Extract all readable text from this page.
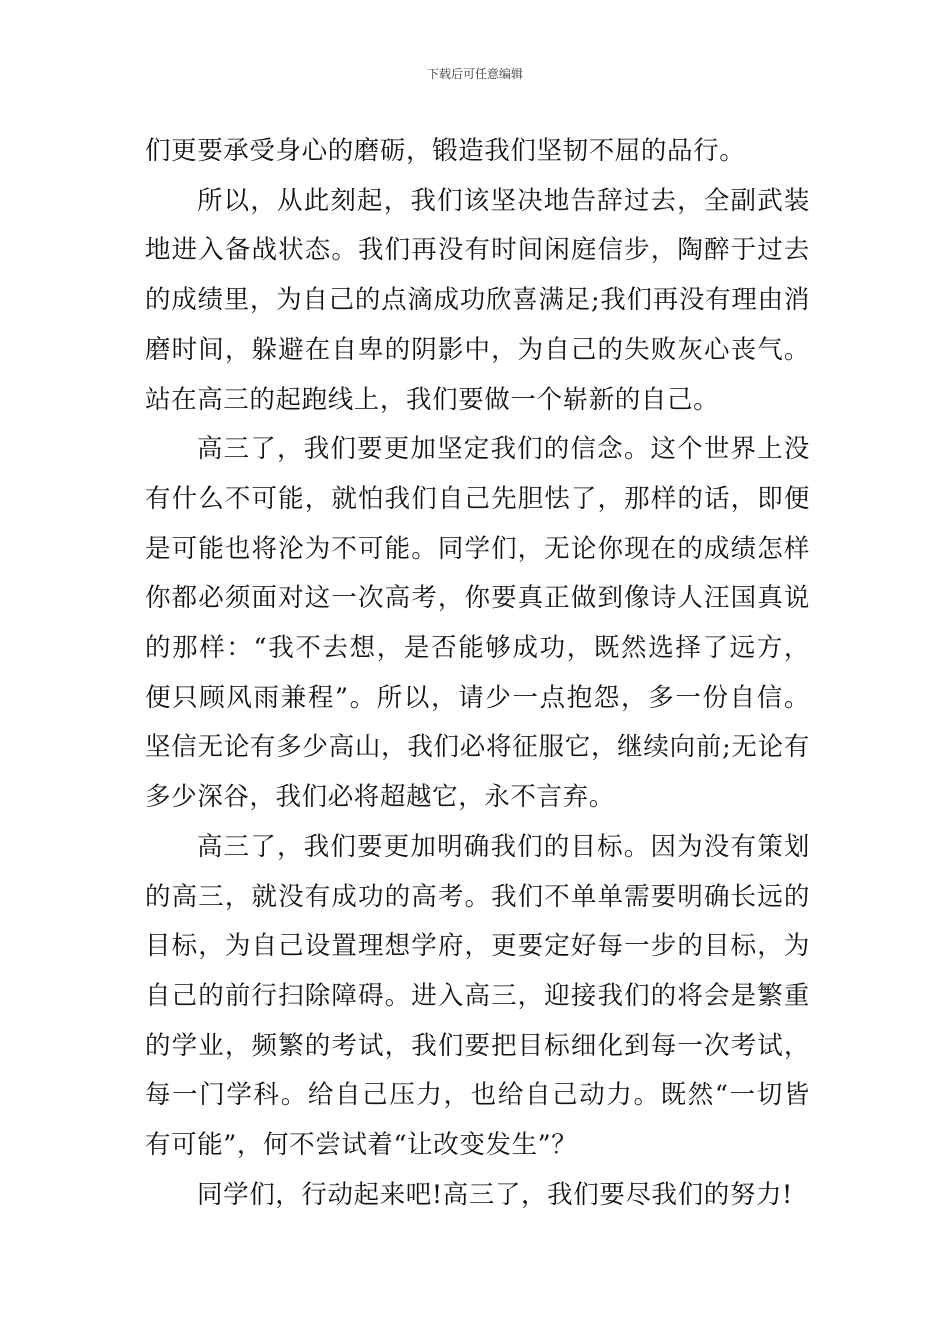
下载后可任意编辑

们更要承受身心的磨砺，锻造我们坚韧不屈的品行。

所以，从此刻起，我们该坚决地告辞过去，全副武装地进入备战状态。我们再没有时间闲庭信步，陶醉于过去的成绩里，为自己的点滴成功欣喜满足;我们再没有理由消磨时间，躲避在自卑的阴影中，为自己的失败灰心丧气。站在高三的起跑线上，我们要做一个崭新的自己。

高三了，我们要更加坚定我们的信念。这个世界上没有什么不可能，就怕我们自己先胆怯了，那样的话，即便是可能也将沦为不可能。同学们，无论你现在的成绩怎样你都必须面对这一次高考，你要真正做到像诗人汪国真说的那样：“我不去想，是否能够成功，既然选择了远方，便只顾风雨兼程”。所以，请少一点抱怨，多一份自信。坚信无论有多少高山，我们必将征服它，继续向前;无论有多少深谷，我们必将超越它，永不言弃。

高三了，我们要更加明确我们的目标。因为没有策划的高三，就没有成功的高考。我们不单单需要明确长远的目标，为自己设置理想学府，更要定好每一步的目标，为自己的前行扫除障碍。进入高三，迎接我们的将会是繁重的学业，频繁的考试，我们要把目标细化到每一次考试，每一门学科。给自己压力，也给自己动力。既然“一切皆有可能”，何不尝试着“让改变发生”？

同学们，行动起来吧!高三了，我们要尽我们的努力!
